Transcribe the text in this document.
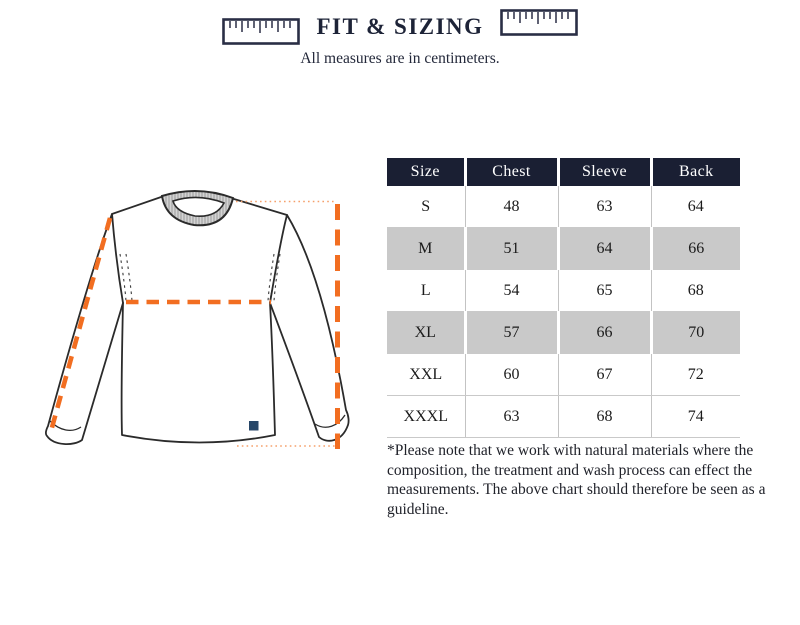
FIT & SIZING

All measures are in centimeters.

Size	Chest	Sleeve	Back
S	48	63	64
M	51	64	66
L	54	65	68
XL	57	66	70
XXL	60	67	72
XXXL	63	68	74
*Please note that we work with natural materials where the
composition, the treatment and wash process can effect the
measurements. The above chart should therefore be seen as a
guideline.
